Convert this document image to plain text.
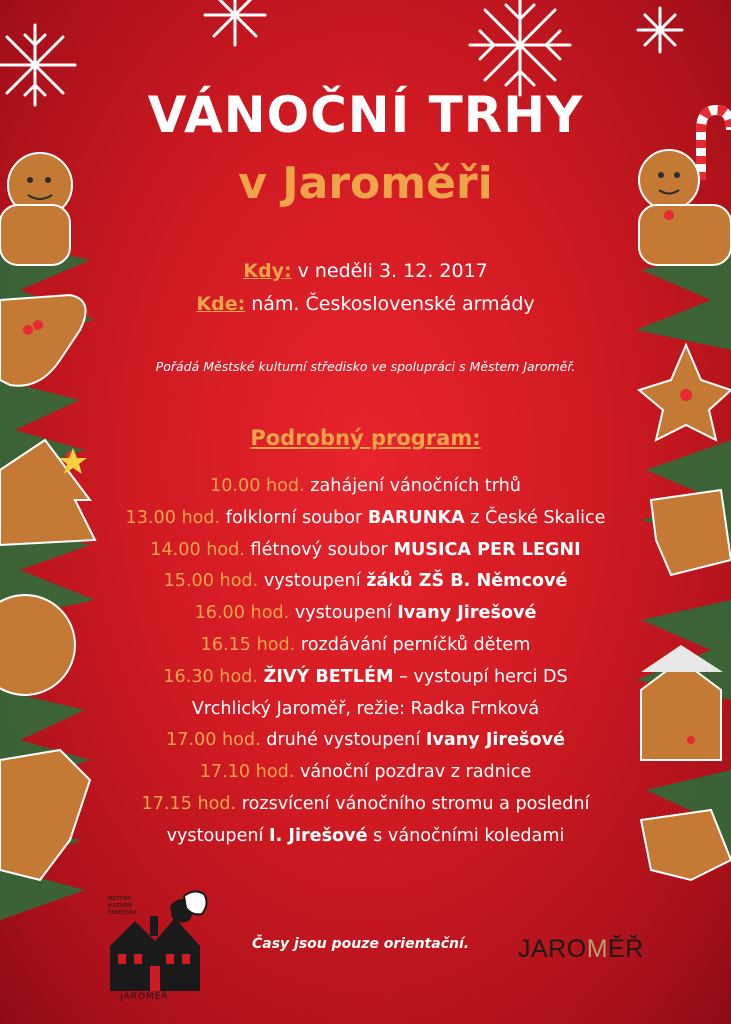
VÁNOČNÍ TRHY
v Jaroměři
Kdy: v neděli 3. 12. 2017
Kde: nám. Československé armády
Pořádá Městské kulturní středisko ve spolupráci s Městem Jaroměř.
Podrobný program:
10.00 hod. zahájení vánočních trhů
13.00 hod. folklorní soubor BARUNKA z České Skalice
14.00 hod. flétnový soubor MUSICA PER LEGNI
15.00 hod. vystoupení žáků ZŠ B. Němcové
16.00 hod. vystoupení Ivany Jirešové
16.15 hod. rozdávání perníčků dětem
16.30 hod. ŽIVÝ BETLÉM – vystoupí herci DS
Vrchlický Jaroměř, režie: Radka Frnková
17.00 hod. druhé vystoupení Ivany Jirešové
17.10 hod. vánoční pozdrav z radnice
17.15 hod. rozsvícení vánočního stromu a poslední
vystoupení I. Jirešové s vánočními koledami
MĚSTSKÉ
KULTURNÍ
STŘEDISKO
JAROMĚŘ
Časy jsou pouze orientační. JAROMĚŘ
